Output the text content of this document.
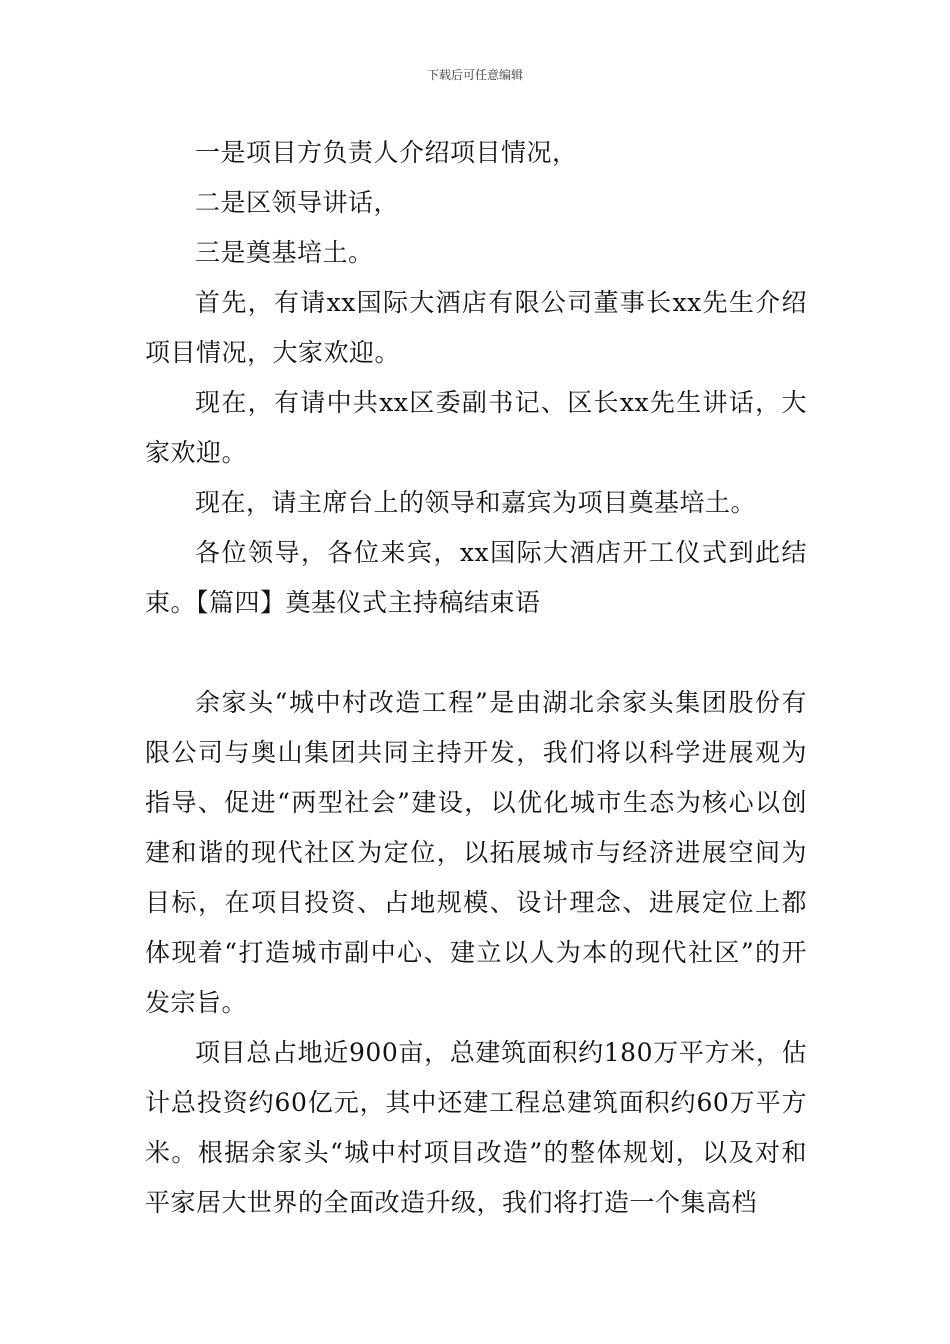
下载后可任意编辑

一是项目方负责人介绍项目情况，

二是区领导讲话，

三是奠基培土。

首先，有请xx国际大酒店有限公司董事长xx先生介绍项目情况，大家欢迎。

现在，有请中共xx区委副书记、区长xx先生讲话，大家欢迎。

现在，请主席台上的领导和嘉宾为项目奠基培土。

各位领导，各位来宾，xx国际大酒店开工仪式到此结束。【篇四】奠基仪式主持稿结束语

余家头“城中村改造工程”是由湖北余家头集团股份有限公司与奥山集团共同主持开发，我们将以科学进展观为指导、促进“两型社会”建设，以优化城市生态为核心以创建和谐的现代社区为定位，以拓展城市与经济进展空间为目标，在项目投资、占地规模、设计理念、进展定位上都体现着“打造城市副中心、建立以人为本的现代社区”的开发宗旨。

项目总占地近900亩，总建筑面积约180万平方米，估计总投资约60亿元，其中还建工程总建筑面积约60万平方米。根据余家头“城中村项目改造”的整体规划，以及对和平家居大世界的全面改造升级，我们将打造一个集高档
